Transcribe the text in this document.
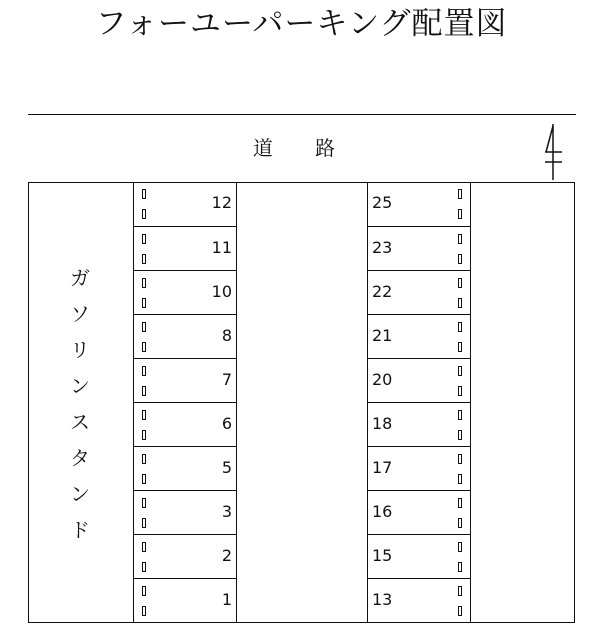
フォーユーパーキング配置図
道 路
ガ
ソ
リ
ン
ス
タ
ン
ド
12
11
10
8
7
6
5
3
2
1
25
23
22
21
20
18
17
16
15
13
